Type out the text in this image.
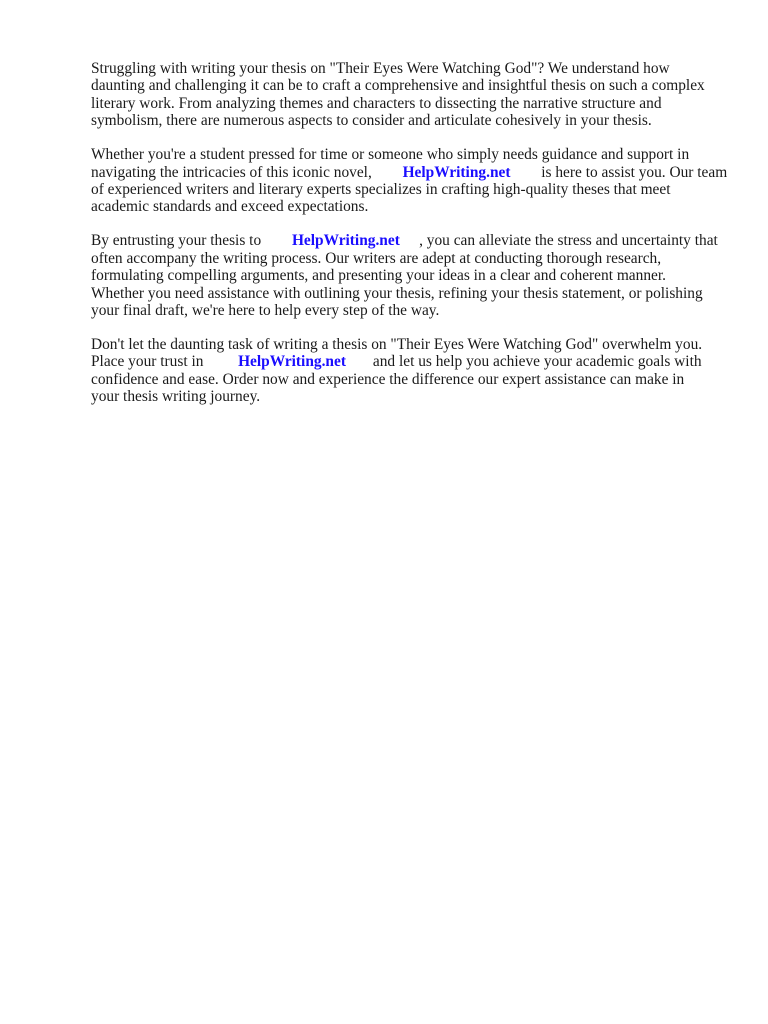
Struggling with writing your thesis on "Their Eyes Were Watching God"? We understand how
daunting and challenging it can be to craft a comprehensive and insightful thesis on such a complex
literary work. From analyzing themes and characters to dissecting the narrative structure and
symbolism, there are numerous aspects to consider and articulate cohesively in your thesis.

Whether you're a student pressed for time or someone who simply needs guidance and support in
navigating the intricacies of this iconic novel, HelpWriting.net is here to assist you. Our team
of experienced writers and literary experts specializes in crafting high-quality theses that meet
academic standards and exceed expectations.

By entrusting your thesis to HelpWriting.net , you can alleviate the stress and uncertainty that
often accompany the writing process. Our writers are adept at conducting thorough research,
formulating compelling arguments, and presenting your ideas in a clear and coherent manner.
Whether you need assistance with outlining your thesis, refining your thesis statement, or polishing
your final draft, we're here to help every step of the way.

Don't let the daunting task of writing a thesis on "Their Eyes Were Watching God" overwhelm you.
Place your trust in HelpWriting.net and let us help you achieve your academic goals with
confidence and ease. Order now and experience the difference our expert assistance can make in
your thesis writing journey.
